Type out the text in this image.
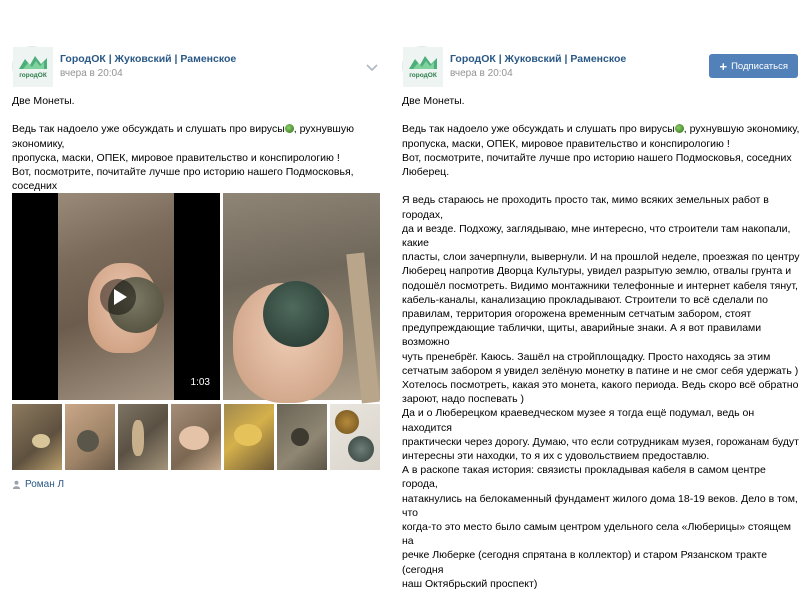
городОК
ГородОК | Жуковский | Раменское
вчера в 20:04

Две Монеты.

Ведь так надоело уже обсуждать и слушать про вирусы , рухнувшую экономику,

пропуска, маски, ОПЕК, мировое правительство и конспирологию !

Вот, посмотрите, почитайте лучше про историю нашего Подмосковья, соседних

1:03
Роман Л
городОК
ГородОК | Жуковский | Раменское
вчера в 20:04	+ Подписаться

Две Монеты.

Ведь так надоело уже обсуждать и слушать про вирусы , рухнувшую экономику,

пропуска, маски, ОПЕК, мировое правительство и конспирологию !

Вот, посмотрите, почитайте лучше про историю нашего Подмосковья, соседних

Люберец.

Я ведь стараюсь не проходить просто так, мимо всяких земельных работ в городах,

да и везде. Подхожу, заглядываю, мне интересно, что строители там накопали, какие

пласты, слои зачерпнули, вывернули. И на прошлой неделе, проезжая по центру

Люберец напротив Дворца Культуры, увидел разрытую землю, отвалы грунта и

подошёл посмотреть. Видимо монтажники телефонные и интернет кабеля тянут,

кабель-каналы, канализацию прокладывают. Строители то всё сделали по

правилам, территория огорожена временным сетчатым забором, стоят

предупреждающие таблички, щиты, аварийные знаки. А я вот правилами возможно

чуть пренебрёг. Каюсь. Зашёл на стройплощадку. Просто находясь за этим

сетчатым забором я увидел зелёную монетку в патине и не смог себя удержать )

Хотелось посмотреть, какая это монета, какого периода. Ведь скоро всё обратно

зароют, надо поспевать )

Да и о Люберецком краеведческом музее я тогда ещё подумал, ведь он находится

практически через дорогу. Думаю, что если сотрудникам музея, горожанам будут

интересны эти находки, то я их с удовольствием предоставлю.

А в раскопе такая история: связисты прокладывая кабеля в самом центре города,

натакнулись на белокаменный фундамент жилого дома 18-19 веков. Дело в том, что

когда-то это место было самым центром удельного села «Люберицы» стоящем на

речке Люберке (сегодня спрятана в коллектор) и старом Рязанском тракте (сегодня

наш Октябрьский проспект)
